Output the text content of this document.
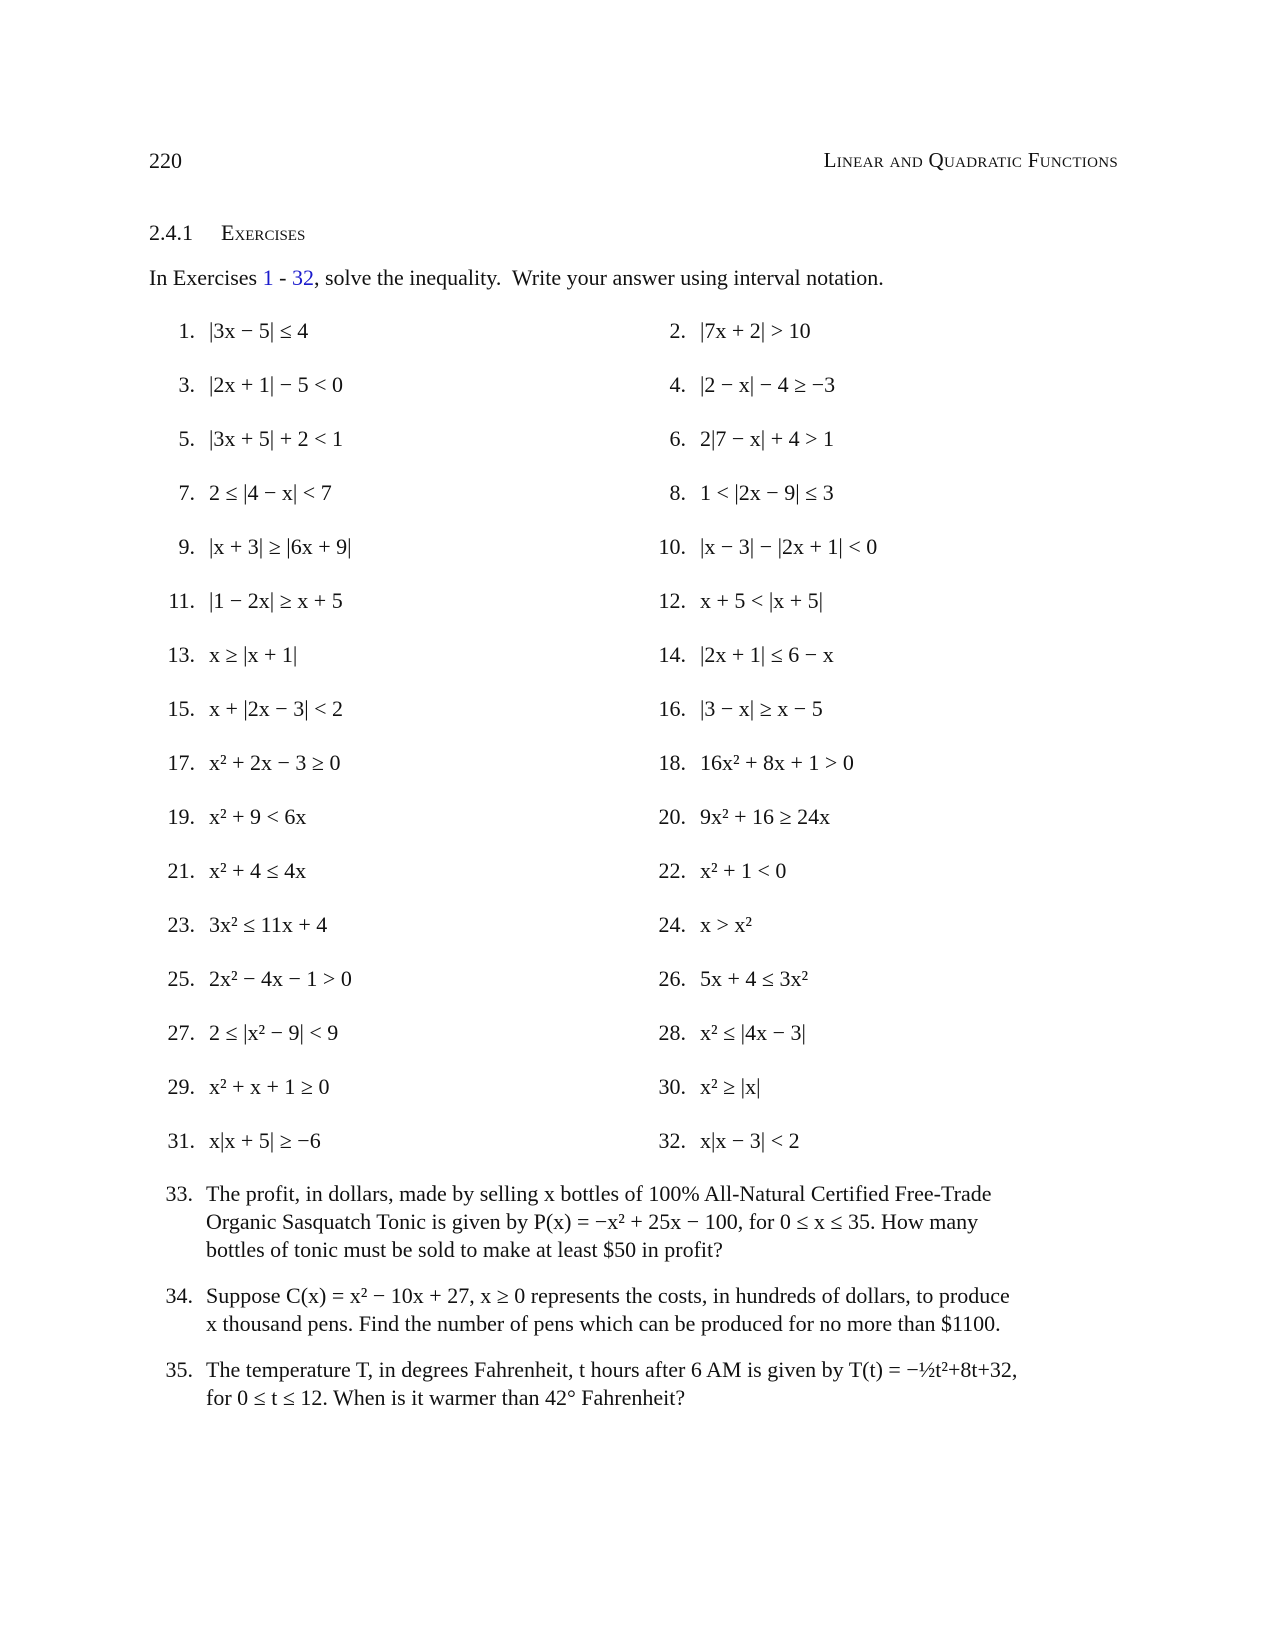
220	Linear and Quadratic Functions
2.4.1 Exercises
In Exercises 1 - 32, solve the inequality.  Write your answer using interval notation.
1. |3x − 5| ≤ 4	2. |7x + 2| > 10
3. |2x + 1| − 5 < 0	4. |2 − x| − 4 ≥ −3
5. |3x + 5| + 2 < 1	6. 2|7 − x| + 4 > 1
7. 2 ≤ |4 − x| < 7	8. 1 < |2x − 9| ≤ 3
9. |x + 3| ≥ |6x + 9|	10. |x − 3| − |2x + 1| < 0
11. |1 − 2x| ≥ x + 5	12. x + 5 < |x + 5|
13. x ≥ |x + 1|	14. |2x + 1| ≤ 6 − x
15. x + |2x − 3| < 2	16. |3 − x| ≥ x − 5
17. x² + 2x − 3 ≥ 0	18. 16x² + 8x + 1 > 0
19. x² + 9 < 6x	20. 9x² + 16 ≥ 24x
21. x² + 4 ≤ 4x	22. x² + 1 < 0
23. 3x² ≤ 11x + 4	24. x > x²
25. 2x² − 4x − 1 > 0	26. 5x + 4 ≤ 3x²
27. 2 ≤ |x² − 9| < 9	28. x² ≤ |4x − 3|
29. x² + x + 1 ≥ 0	30. x² ≥ |x|
31. x|x + 5| ≥ −6	32. x|x − 3| < 2
33. The profit, in dollars, made by selling x bottles of 100% All-Natural Certified Free-Trade
Organic Sasquatch Tonic is given by P(x) = −x² + 25x − 100, for 0 ≤ x ≤ 35. How many
bottles of tonic must be sold to make at least $50 in profit?
34. Suppose C(x) = x² − 10x + 27, x ≥ 0 represents the costs, in hundreds of dollars, to produce
x thousand pens. Find the number of pens which can be produced for no more than $1100.
35. The temperature T, in degrees Fahrenheit, t hours after 6 AM is given by T(t) = −½t²+8t+32,
for 0 ≤ t ≤ 12. When is it warmer than 42° Fahrenheit?
